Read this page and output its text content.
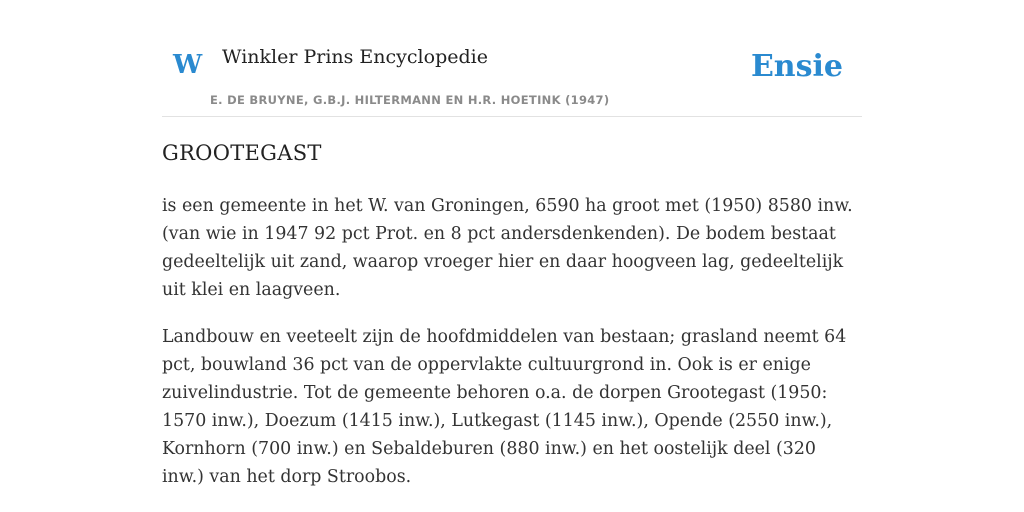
W Winkler Prins Encyclopedie
E. DE BRUYNE, G.B.J. HILTERMANN EN H.R. HOETINK (1947)
Ensie
GROOTEGAST

is een gemeente in het W. van Groningen, 6590 ha groot met (1950) 8580 inw. (van wie in 1947 92 pct Prot. en 8 pct andersdenkenden). De bodem bestaat gedeeltelijk uit zand, waarop vroeger hier en daar hoogveen lag, gedeeltelijk uit klei en laagveen.

Landbouw en veeteelt zijn de hoofdmiddelen van bestaan; grasland neemt 64 pct, bouwland 36 pct van de oppervlakte cultuurgrond in. Ook is er enige zuivelindustrie. Tot de gemeente behoren o.a. de dorpen Grootegast (1950: 1570 inw.), Doezum (1415 inw.), Lutkegast (1145 inw.), Opende (2550 inw.), Kornhorn (700 inw.) en Sebaldeburen (880 inw.) en het oostelijk deel (320 inw.) van het dorp Stroobos.
